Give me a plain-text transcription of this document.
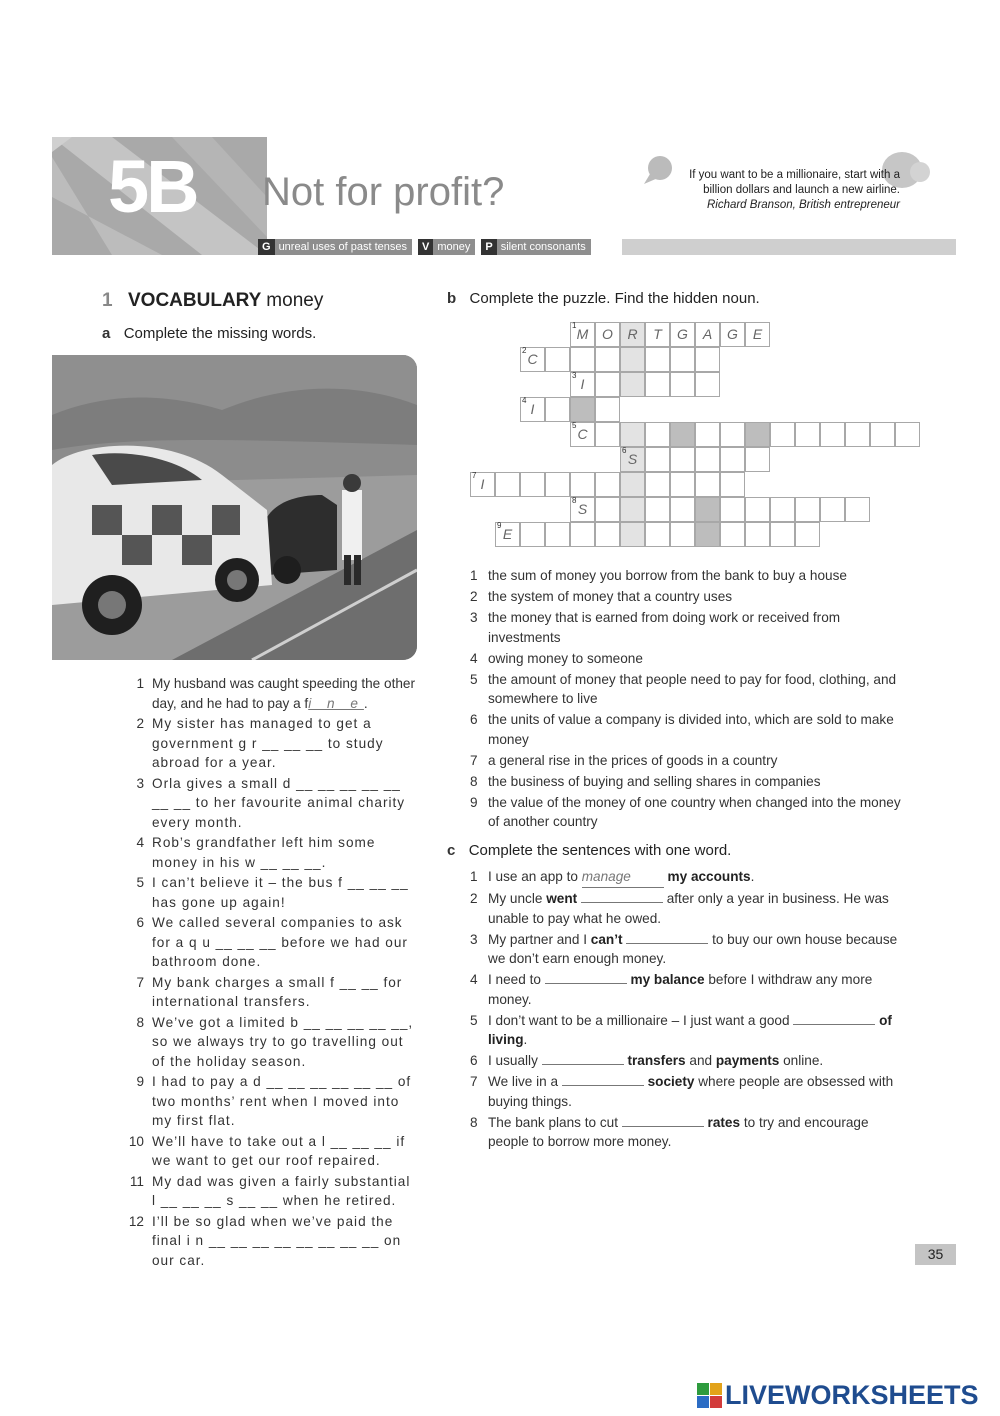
5B Not for profit?	If you want to be a millionaire, start with a
billion dollars and launch a new airline.
Richard Branson, British entrepreneur
G unreal uses of past tenses	V money	P silent consonants
1 VOCABULARY money
a Complete the missing words.
1 My husband was caught speeding the other day, and he had to pay a fi n e.
2 My sister has managed to get a government g r __ __ __ to study abroad for a year.
3 Orla gives a small d __ __ __ __ __ __ __ to her favourite animal charity every month.
4 Rob’s grandfather left him some money in his w __ __ __.
5 I can’t believe it – the bus f __ __ __ has gone up again!
6 We called several companies to ask for a q u __ __ __ before we had our bathroom done.
7 My bank charges a small f __ __ for international transfers.
8 We’ve got a limited b __ __ __ __ __, so we always try to go travelling out of the holiday season.
9 I had to pay a d __ __ __ __ __ __ of two months’ rent when I moved into my first flat.
10 We’ll have to take out a l __ __ __ if we want to get our roof repaired.
11 My dad was given a fairly substantial l __ __ __ s __ __ when he retired.
12 I’ll be so glad when we’ve paid the final i n __ __ __ __ __ __ __ __ on our car.
b Complete the puzzle. Find the hidden noun.
1
M O	R	T	G	A	G	E
2
C
3
I
4
I
5
C
6
S
7
I
8
S
9
E
1 the sum of money you borrow from the bank to buy a house
2 the system of money that a country uses
3 the money that is earned from doing work or received from investments
4 owing money to someone
5 the amount of money that people need to pay for food, clothing, and somewhere to live
6 the units of value a company is divided into, which are sold to make money
7 a general rise in the prices of goods in a country
8 the business of buying and selling shares in companies
9 the value of the money of one country when changed into the money of another country
c Complete the sentences with one word.
1 I use an app to manage	my accounts.
2 My uncle went	after only a year in business. He was unable to pay what he owed.
3 My partner and I can’t	to buy our own house because we don’t earn enough money.
4 I need to	my balance before I withdraw any more money.
5 I don’t want to be a millionaire – I just want a good	of living.
6 I usually	transfers and payments online.
7 We live in a	society where people are obsessed with buying things.
8 The bank plans to cut	rates to try and encourage people to borrow more money.
35
LIVEWORKSHEETS
